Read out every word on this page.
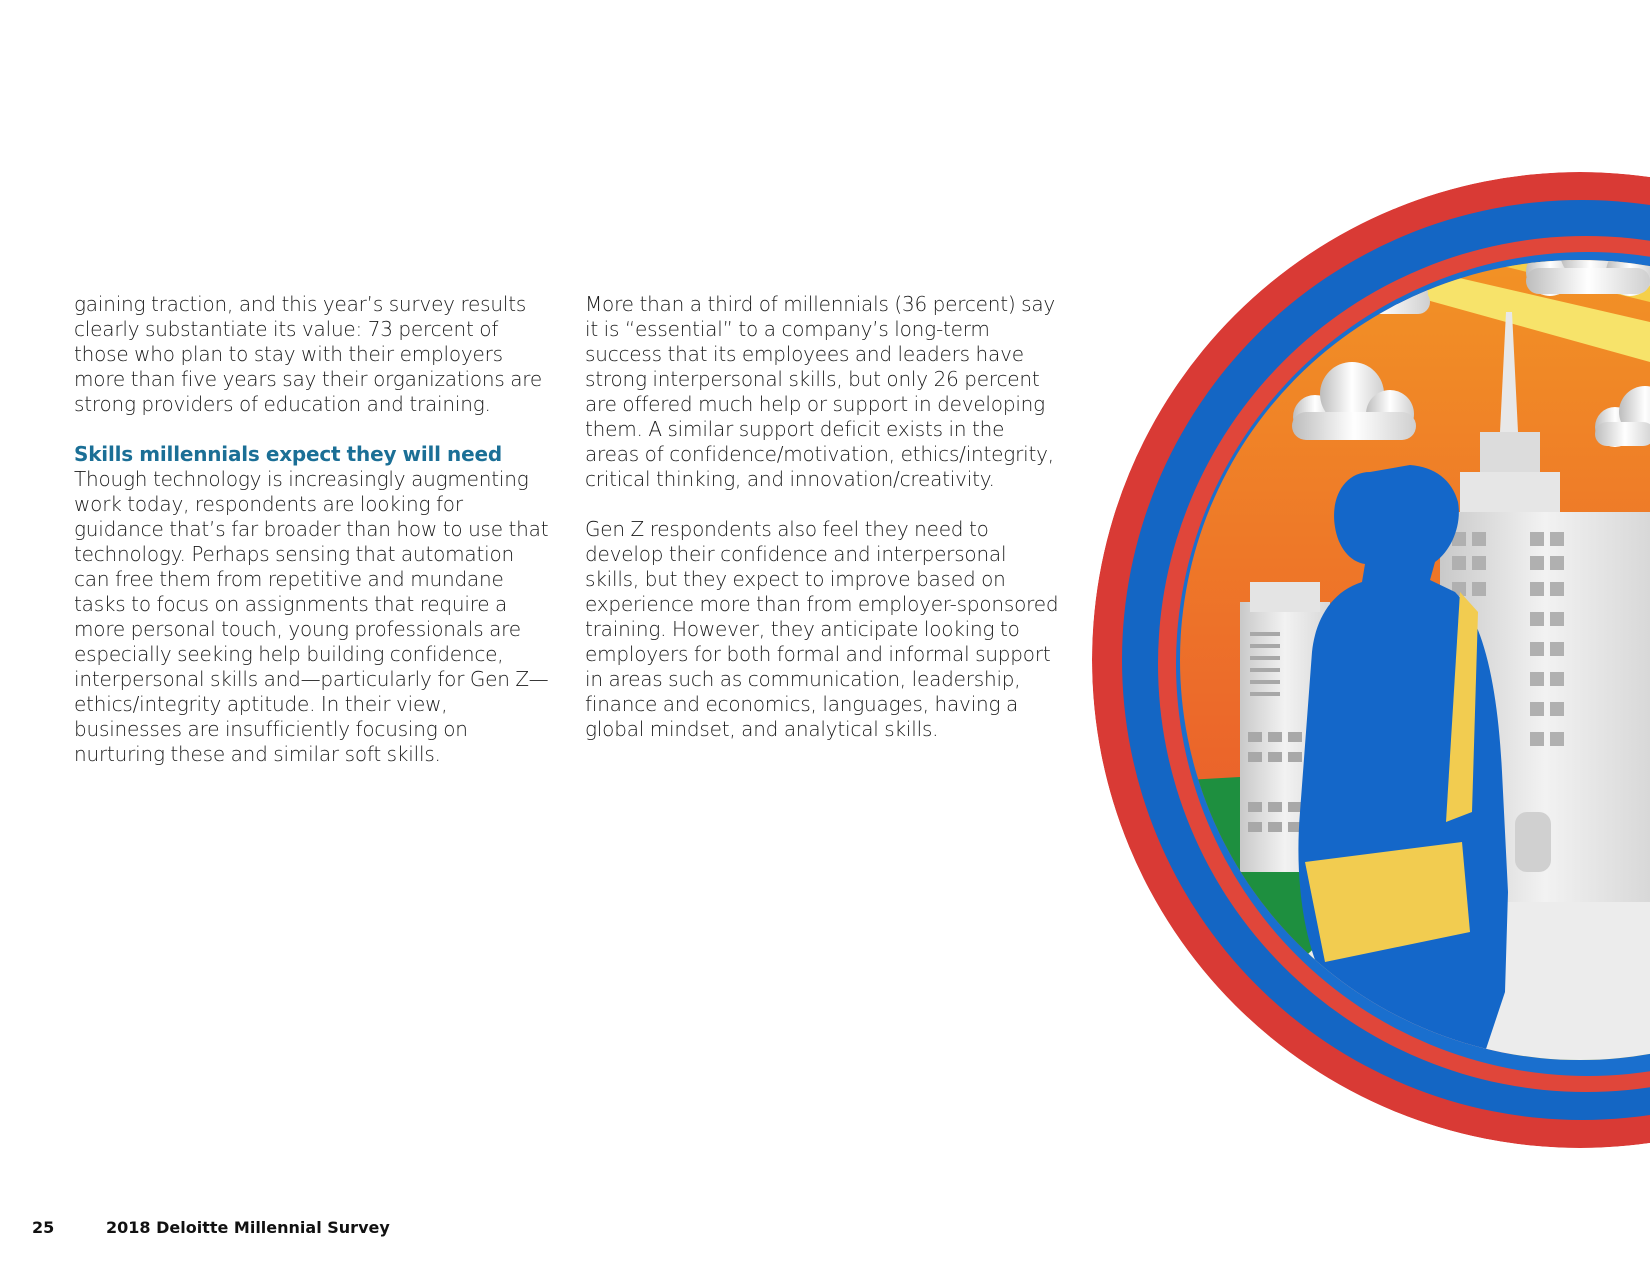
gaining traction, and this year’s survey results clearly substantiate its value: 73 percent of those who plan to stay with their employers more than five years say their organizations are strong providers of education and training.

Skills millennials expect they will need

Though technology is increasingly augmenting work today, respondents are looking for guidance that’s far broader than how to use that technology. Perhaps sensing that automation can free them from repetitive and mundane tasks to focus on assignments that require a more personal touch, young professionals are especially seeking help building confidence, interpersonal skills and—particularly for Gen Z—ethics/integrity aptitude. In their view, businesses are insufficiently focusing on nurturing these and similar soft skills.

More than a third of millennials (36 percent) say it is “essential” to a company’s long-term success that its employees and leaders have strong interpersonal skills, but only 26 percent are offered much help or support in developing them. A similar support deficit exists in the areas of confidence/motivation, ethics/integrity, critical thinking, and innovation/creativity.

Gen Z respondents also feel they need to develop their confidence and interpersonal skills, but they expect to improve based on experience more than from employer-sponsored training. However, they anticipate looking to employers for both formal and informal support in areas such as communication, leadership, finance and economics, languages, having a global mindset, and analytical skills.

25	2018 Deloitte Millennial Survey
